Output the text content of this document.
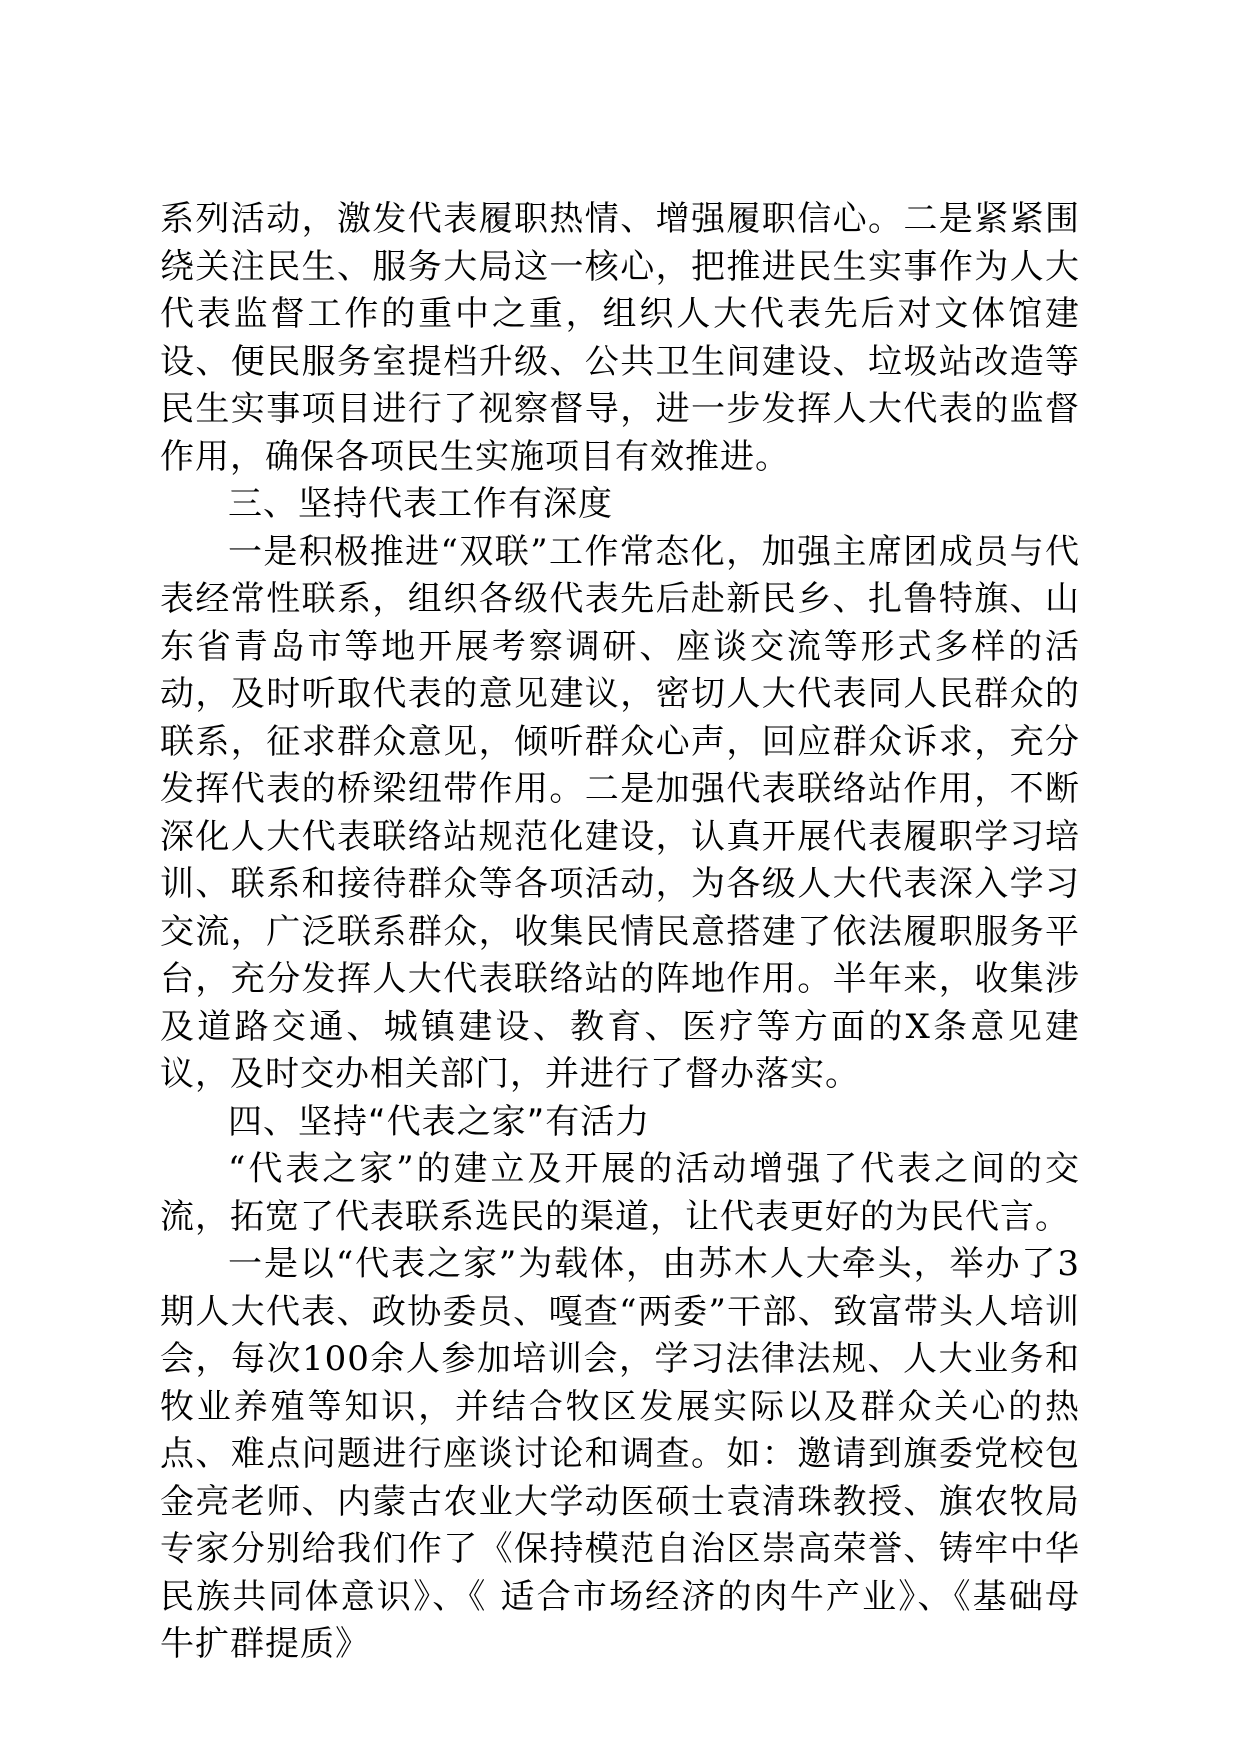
系列活动，激发代表履职热情、增强履职信心。二是紧紧围绕关注民生、服务大局这一核心，把推进民生实事作为人大代表监督工作的重中之重，组织人大代表先后对文体馆建设、便民服务室提档升级、公共卫生间建设、垃圾站改造等民生实事项目进行了视察督导，进一步发挥人大代表的监督作用，确保各项民生实施项目有效推进。

三、坚持代表工作有深度

一是积极推进“双联”工作常态化，加强主席团成员与代表经常性联系，组织各级代表先后赴新民乡、扎鲁特旗、山东省青岛市等地开展考察调研、座谈交流等形式多样的活动，及时听取代表的意见建议，密切人大代表同人民群众的联系，征求群众意见，倾听群众心声，回应群众诉求，充分发挥代表的桥梁纽带作用。二是加强代表联络站作用，不断深化人大代表联络站规范化建设，认真开展代表履职学习培训、联系和接待群众等各项活动，为各级人大代表深入学习交流，广泛联系群众，收集民情民意搭建了依法履职服务平台，充分发挥人大代表联络站的阵地作用。半年来，收集涉及道路交通、城镇建设、教育、医疗等方面的X条意见建议，及时交办相关部门，并进行了督办落实。

四、坚持“代表之家”有活力

“代表之家”的建立及开展的活动增强了代表之间的交流，拓宽了代表联系选民的渠道，让代表更好的为民代言。

一是以“代表之家”为载体，由苏木人大牵头，举办了3期人大代表、政协委员、嘎查“两委”干部、致富带头人培训会，每次100余人参加培训会，学习法律法规、人大业务和牧业养殖等知识，并结合牧区发展实际以及群众关心的热点、难点问题进行座谈讨论和调查。如：邀请到旗委党校包金亮老师、内蒙古农业大学动医硕士袁清珠教授、旗农牧局专家分别给我们作了《保持模范自治区崇高荣誉、铸牢中华民族共同体意识》、《 适合市场经济的肉牛产业》、《基础母牛扩群提质》
